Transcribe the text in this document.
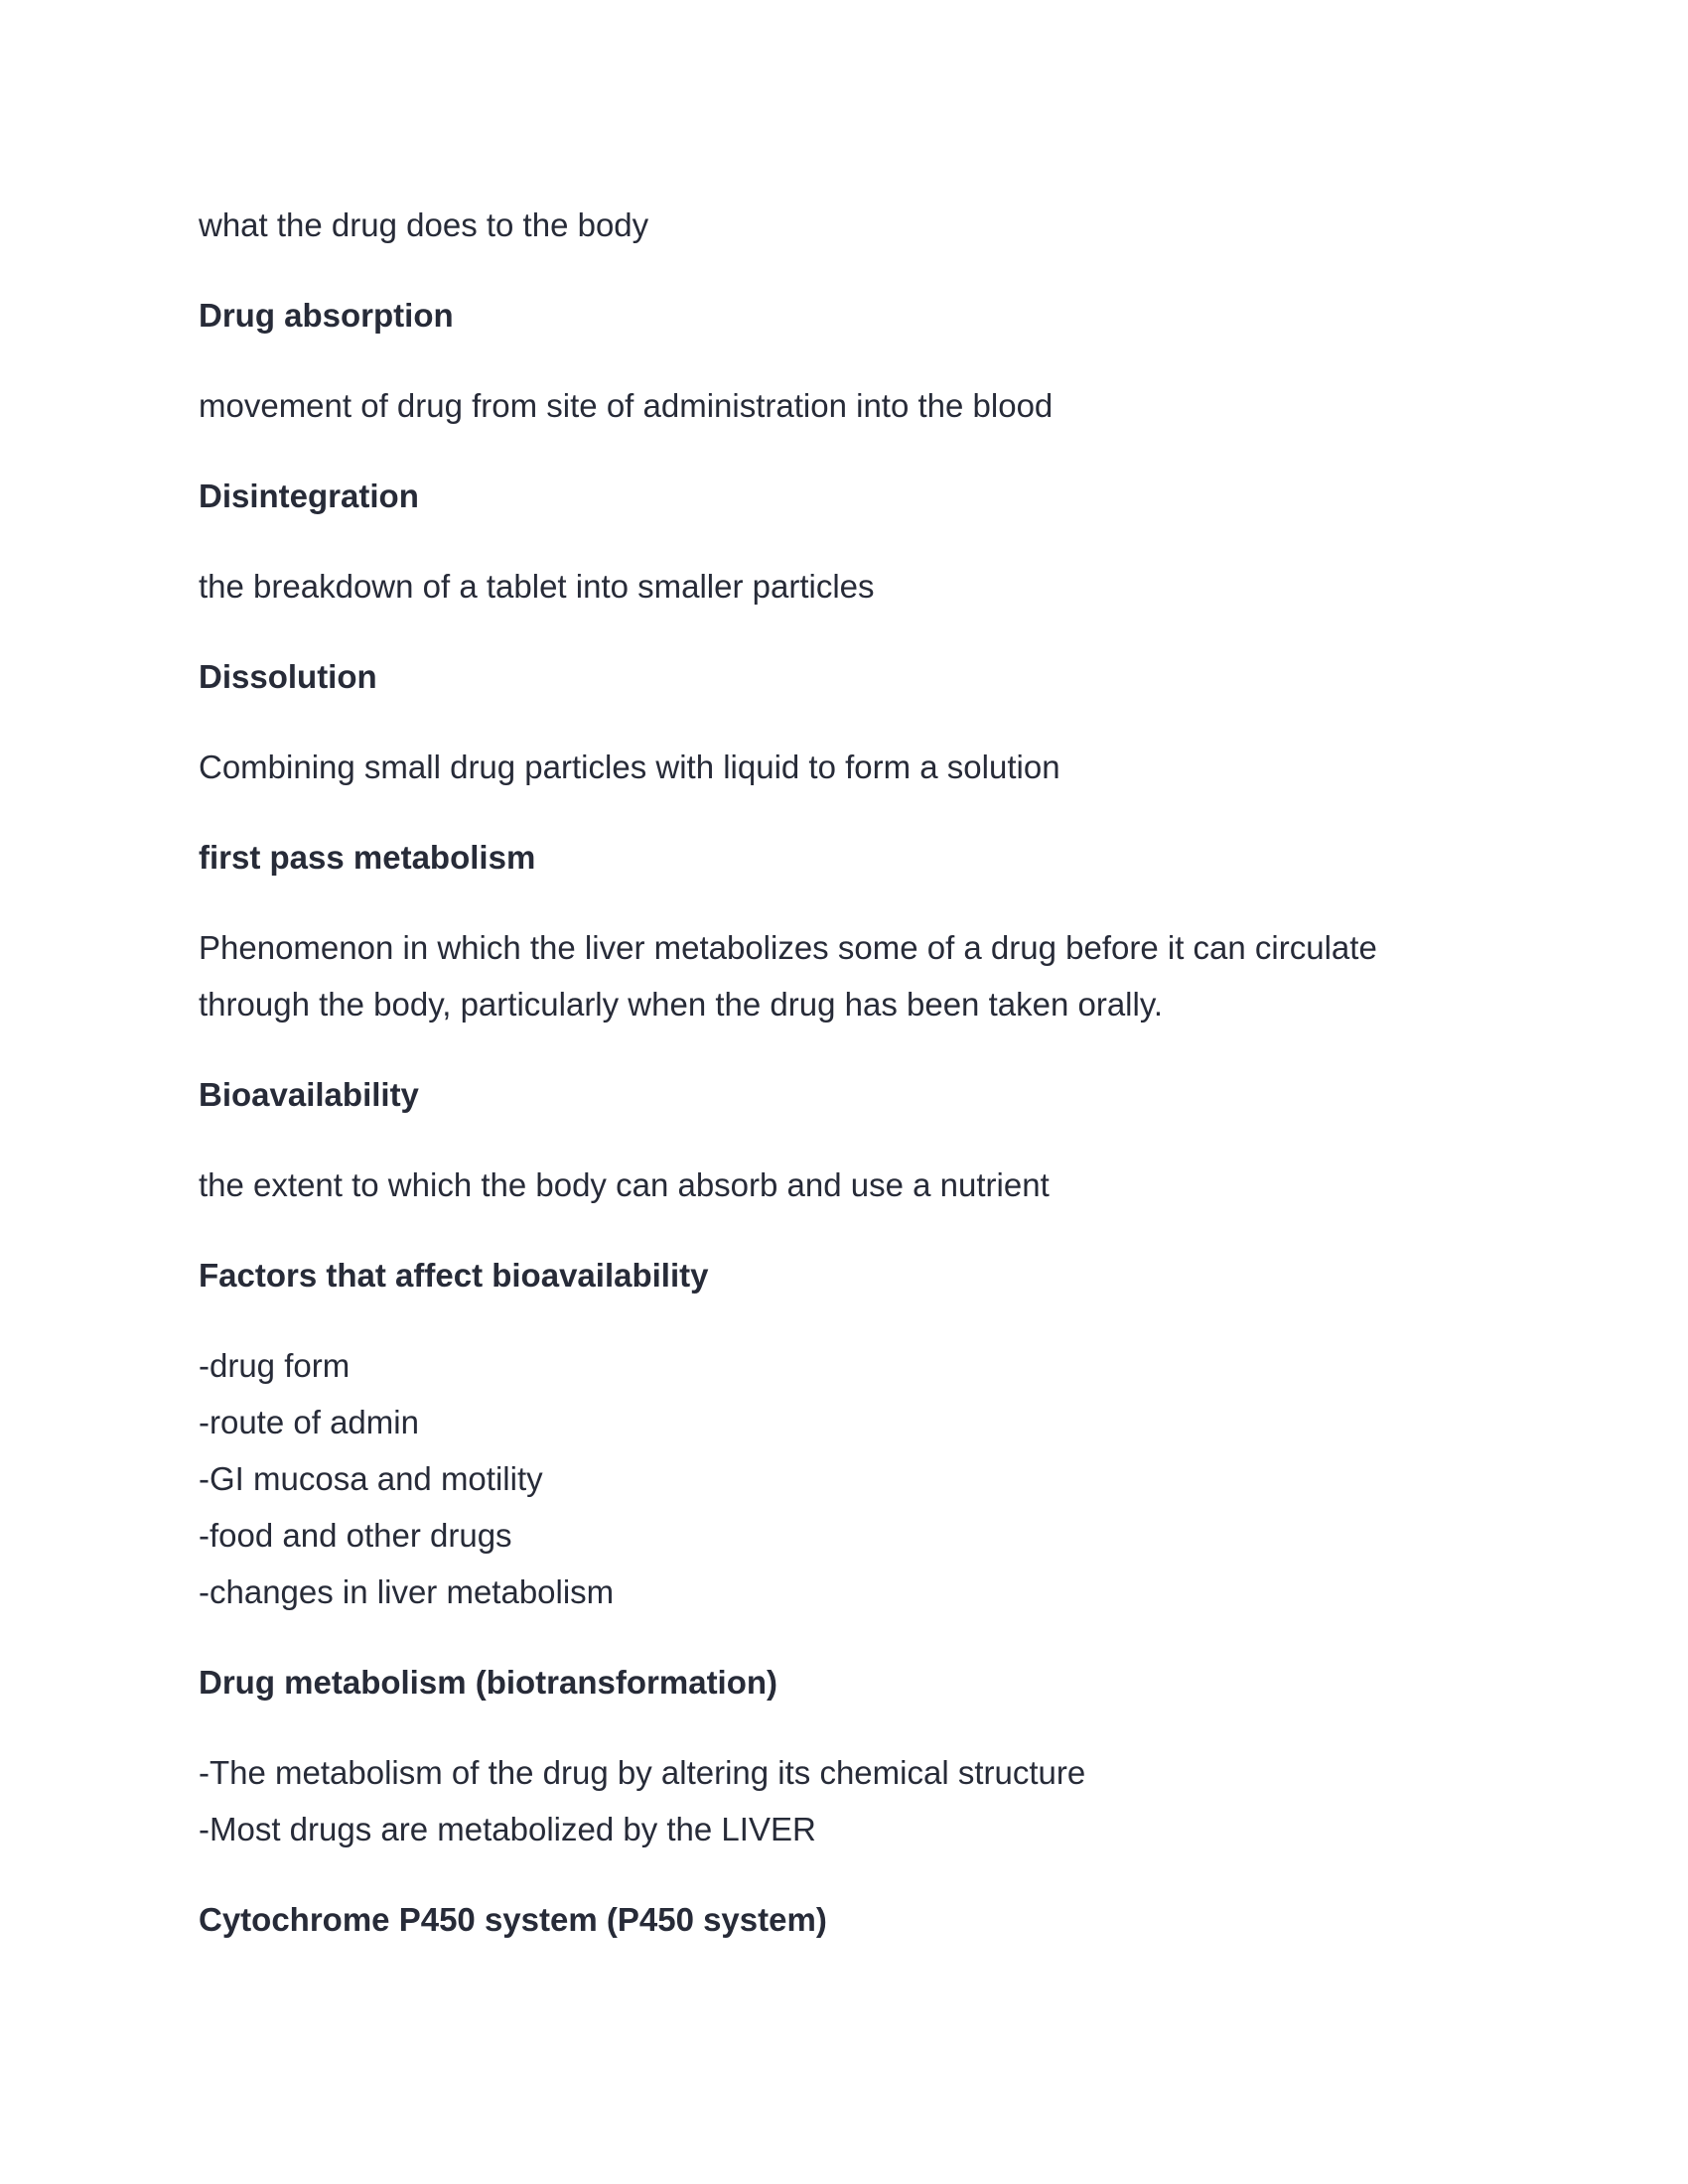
what the drug does to the body

Drug absorption

movement of drug from site of administration into the blood

Disintegration

the breakdown of a tablet into smaller particles

Dissolution

Combining small drug particles with liquid to form a solution

first pass metabolism

Phenomenon in which the liver metabolizes some of a drug before it can circulate
through the body, particularly when the drug has been taken orally.

Bioavailability

the extent to which the body can absorb and use a nutrient

Factors that affect bioavailability

-drug form
-route of admin
-GI mucosa and motility
-food and other drugs
-changes in liver metabolism

Drug metabolism (biotransformation)

-The metabolism of the drug by altering its chemical structure
-Most drugs are metabolized by the LIVER

Cytochrome P450 system (P450 system)
